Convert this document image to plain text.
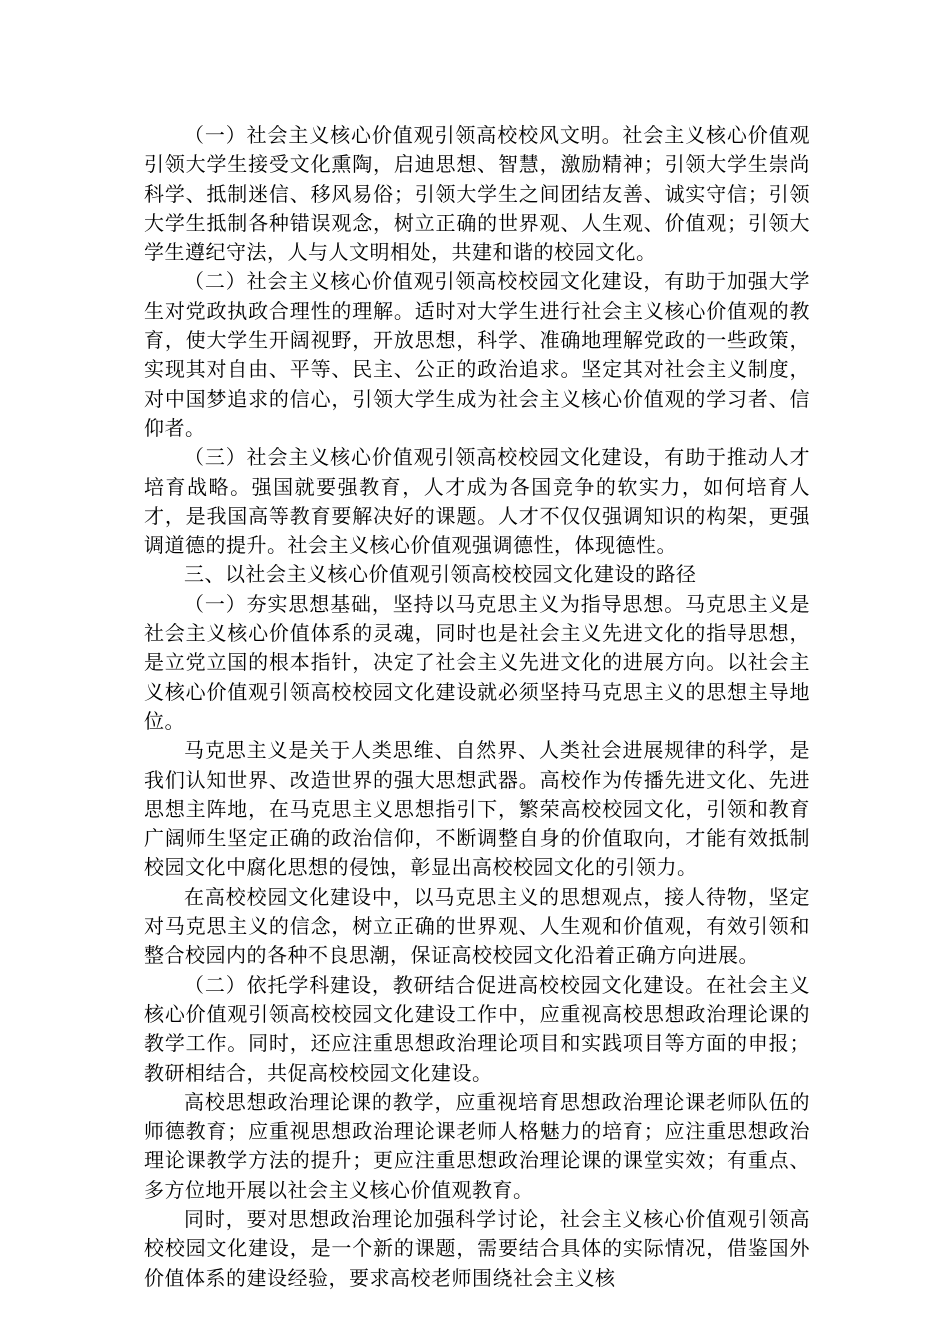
（一）社会主义核心价值观引领高校校风文明。社会主义核心价值观引领大学生接受文化熏陶，启迪思想、智慧，激励精神；引领大学生崇尚科学、抵制迷信、移风易俗；引领大学生之间团结友善、诚实守信；引领大学生抵制各种错误观念，树立正确的世界观、人生观、价值观；引领大学生遵纪守法，人与人文明相处，共建和谐的校园文化。

（二）社会主义核心价值观引领高校校园文化建设，有助于加强大学生对党政执政合理性的理解。适时对大学生进行社会主义核心价值观的教育，使大学生开阔视野，开放思想，科学、准确地理解党政的一些政策，实现其对自由、平等、民主、公正的政治追求。坚定其对社会主义制度，对中国梦追求的信心，引领大学生成为社会主义核心价值观的学习者、信仰者。

（三）社会主义核心价值观引领高校校园文化建设，有助于推动人才培育战略。强国就要强教育，人才成为各国竞争的软实力，如何培育人才，是我国高等教育要解决好的课题。人才不仅仅强调知识的构架，更强调道德的提升。社会主义核心价值观强调德性，体现德性。

三、以社会主义核心价值观引领高校校园文化建设的路径

（一）夯实思想基础，坚持以马克思主义为指导思想。马克思主义是社会主义核心价值体系的灵魂，同时也是社会主义先进文化的指导思想，是立党立国的根本指针，决定了社会主义先进文化的进展方向。以社会主义核心价值观引领高校校园文化建设就必须坚持马克思主义的思想主导地位。

马克思主义是关于人类思维、自然界、人类社会进展规律的科学，是我们认知世界、改造世界的强大思想武器。高校作为传播先进文化、先进思想主阵地，在马克思主义思想指引下，繁荣高校校园文化，引领和教育广阔师生坚定正确的政治信仰，不断调整自身的价值取向，才能有效抵制校园文化中腐化思想的侵蚀，彰显出高校校园文化的引领力。

在高校校园文化建设中，以马克思主义的思想观点，接人待物，坚定对马克思主义的信念，树立正确的世界观、人生观和价值观，有效引领和整合校园内的各种不良思潮，保证高校校园文化沿着正确方向进展。

（二）依托学科建设，教研结合促进高校校园文化建设。在社会主义核心价值观引领高校校园文化建设工作中，应重视高校思想政治理论课的教学工作。同时，还应注重思想政治理论项目和实践项目等方面的申报；教研相结合，共促高校校园文化建设。

高校思想政治理论课的教学，应重视培育思想政治理论课老师队伍的师德教育；应重视思想政治理论课老师人格魅力的培育；应注重思想政治理论课教学方法的提升；更应注重思想政治理论课的课堂实效；有重点、多方位地开展以社会主义核心价值观教育。

同时，要对思想政治理论加强科学讨论，社会主义核心价值观引领高校校园文化建设，是一个新的课题，需要结合具体的实际情况，借鉴国外价值体系的建设经验，要求高校老师围绕社会主义核
